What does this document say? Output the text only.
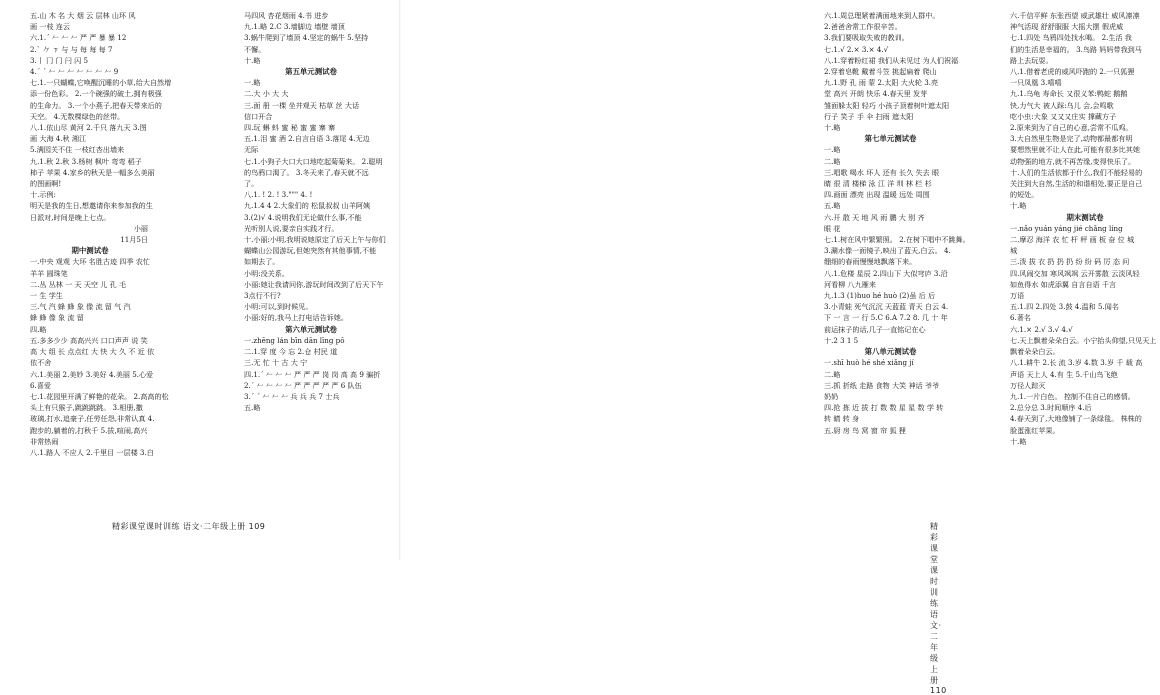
五.山 木 名 大 烟 云 层林 山环 风
画 一枝 连云
六.1.ˊ 𠂉 𠂉 𠂉 严 严 暴 暴 12
2.ˋ 𠂊 ㄗ 与 与 每 每 每 7
3.丨 冂 门 闩 闪 5
4.ˊ ˊ 𠂉 𠂉 𠂉 𠂉 𠂉 𠂉 𠂉 9
七.1.一只蝴蝶,它唤醒沉睡的小草,给大自然增
添一份色彩。 2.一个碗强的破土,拥有极强
的生命力。 3.一个小燕子,把春天带来后的
天空。 4.无数棵绿色的丝带。
八.1.依山尽 黄河 2.千只 落九天 3.图
画 大海 4.秋 湘江
5.满园关不住 一枝红杏出墙来
九.1.秋 2.秋 3.杨树 枫叶 弯弯 稻子
柿子 苹果 4.家乡的秋天是一幅多么美丽
的图画啊!
十.示例:
明天是我的生日,想邀请你来参加我的生
日派对,时间是晚上七点。
小丽
11月5日
期中测试卷
一.中央 观观 大环 名胜古迹 四季 农忙
羊羊 圆珠笔
二.丛 丛林 一 天 天空 儿 孔 毛
一 生 学生
三.气 汽 蜂 蜂 象 像 流 留 气 汽
蜂 蜂 像 象 流 留
四.略
五.多多少少 高高兴兴 口口声声 说 笑
高 大 组 长 点点红 大 快 大 久 不 近 依
依不舍
六.1.美丽 2.美妙 3.美好 4.美丽 5.心爱
6.喜爱
七.1.花园里开满了鲜艳的花朵。 2.高高的松
头上有只猴子,跳跳跳跳。 3.相册,撒
玻璃,打水,追豪子,任劳任怨,非常认真 4.
跑步的,躺着的,打秋千 5.拔,喧闹,高兴
非常热闹
八.1.路人 不应人 2.千里目 一层楼 3.白
马四风 杏花烟雨 4.书 进步
九.1.略 2.C 3.墙脚边 墙壁 墙顶
3.蜗牛爬到了墙顶 4.坚定的蜗牛 5.坚持
不懈。
十.略
第五单元测试卷
一.略
二.大 小 大 大
三.面 册 一棵 坐井观天 枯草 丝 大话
信口开合
四.玩 蝌 蚪 蜜 秘 蜜 蜜 寨 寨
五.1.泪 蜜 酒 2.自言自语 3.落尾 4.无边
无际
七.1.小狗子大口大口地吃起菊菊来。 2.聪明
的鸟鸦口渴了。 3.冬天来了,春天就不远
了。
八.1. ! 2. ! 3.""" 4. !
九.1.4 4 2.大象们的 松鼠叔叔 山羊阿姨
3.(2)√ 4.说明我们无论做什么事,不能
光听别人说,要亲自实践才行。
十.小丽:小明,我明说她原定了后天上午与你们
蝴蝶山公园游玩,但她突然有其他事情,不能
如期去了。
小明:没关系。
小丽:她让我请问你,游玩时间改到了后天下午
3点行不行?
小明:可以,到时候见。
小丽:好的,我马上打电话告诉她。
第六单元测试卷
一.zhēng lán bīn dān līng pō
二.1.穿 度 今 忘 2.仓 村民 道
三.无 忙 十 古 大 宁
四.1.ˊ 𠂉 𠂉 𠂉 严 严 严 岗 岗 高 高 9 骗折
2.ˊ 𠂉 𠂉 𠂉 𠂉 严 严 严 严 严 6 队伍
3.ˊ ˊ 𠂉 𠂉 𠂉 兵 兵 兵 7 士兵
五.略
精彩课堂课时训练 语文·二年级上册 109
六.1.周总理紧着满面地来到人群中。
2.爸爸舍常工作很辛苦。
3.我们要吸取失败的教训。
七.1.√ 2.× 3.× 4.√
八.1.穿着粉红裙 我们从未见过 为人们祝福
2.穿着皂靴 戴着斗笠 挑起扁着 爬山
九.1.野 孔 雨 蒙 2.太阳 大火轮 3.亮
堂 高兴 开朗 快乐 4.春天里 发芽
雏面躲太阳 轻巧 小孩子顶着树叶遮太阳
行子 笑子 手 伞 扫雨 遮太阳
十.略
第七单元测试卷
一.略
二.略
三.唱歌 喝水 坏人 还有 长久 失去 眼
睛 很 清 楼梯 泳 江 洋 圳 林 栏 杉
四.画面 漂亮 出现 温暖 远处 周围
五.略
六.开 散 天 地 风 雨 鹏 大 别 齐
眼 花
七.1.树在风中繁繁照。 2.在树下唱中不跳舞。
3.涮水像一面镜子,映出了蓝天,白云。 4.
绷细的春雨慢慢地飘落下来。
八.1.危楼 星辰 2.四山下 大似穹庐 3.沿
河看柳 八九雁来
九.1.3 (1)huo hé huò (2)虽 后 后
3.小青蛙 死气沉沉 天蓝蓝 青天 白云 4.
下 一 言 一 行 5.C 6.A 7.2 8. 几 十 年
前运抹子的话,几子一直铭记在心
十.2 3 1 5
第八单元测试卷
一.shī huò hé shé xiǎng jí
二.略
三.抓 折纸 走路 食物 大笑 神话 爷爷
奶奶
四.抢 拣 近 拔 打 数 数 星 星 数 学 转
转 睛 转 身
五.厨 房 鸟 窝 窗 帘 狐 狸
六.千信平鲜 东张西望 威武雄壮 威风凛凛
神气活现 舒舒服服 大摇大摆 假虎威
七.1.四处 鸟鸦四处找水喝。 2.生活 我
们的生活是幸福的。 3.鸟路 妈妈带我到马
路上去玩耍。
八.1.借着老虎的威风吓跑的 2.一只狐狸
一只凤凰 3.嘻嘻
九.1.乌龟 寿命长 又很义苯:鸭蛇 鹅鹅
快,力气大 被人踩:乌儿 会,会鸣歌
吃小虫:大象 又又又庄实 撑藏方子
2.原来到为了自己的心意,尝常不瓜鸡。
3.大自然里生物是完了,动物都最都有明
要想然里就不让人在此,可能有很多比其她
动物强的地方,就不再苦缘,变得快乐了。
十.人们的生活依都于什么,我们不能轻易的
关注到大自然,生活的和谐相处,要正是自己
的短处。
十.略
期末测试卷
一.nǎo yuán yáng jié chǎng líng
二.摩忍 海洋 农 忙 杆 秤 画 板 奋 位 城
城
三.泼 拔 衣 扔 扔 扔 纷 纷 码 厉 态 问
四.风闹交加 寒风飒飒 云开雾散 云淡风轻
如鱼得水 如虎添翼 自言自语 千言
万语
五.1.四 2.四处 3.鼓 4.温和 5.闻名
6.著名
六.1.× 2.√ 3.√ 4.√
七.天上飘着朵朵白云。小宁抬头仰望,只见天上
飘着朵朵白云。
八.1.耕牛 2.长 流 3.岁 4.数 3.岁 千 载 高
声语 天上人 4.有 生 5.千山鸟飞绝
万径人踪灭
九.1.一片白色。 控制不住自己的感情。
2.总分总 3.时间顺序 4.后
4.春天到了,大地像铺了一条绿毯。 株株的
脸蛋涨红苹果。
十.略
精彩课堂课时训练 语文·二年级上册 110
